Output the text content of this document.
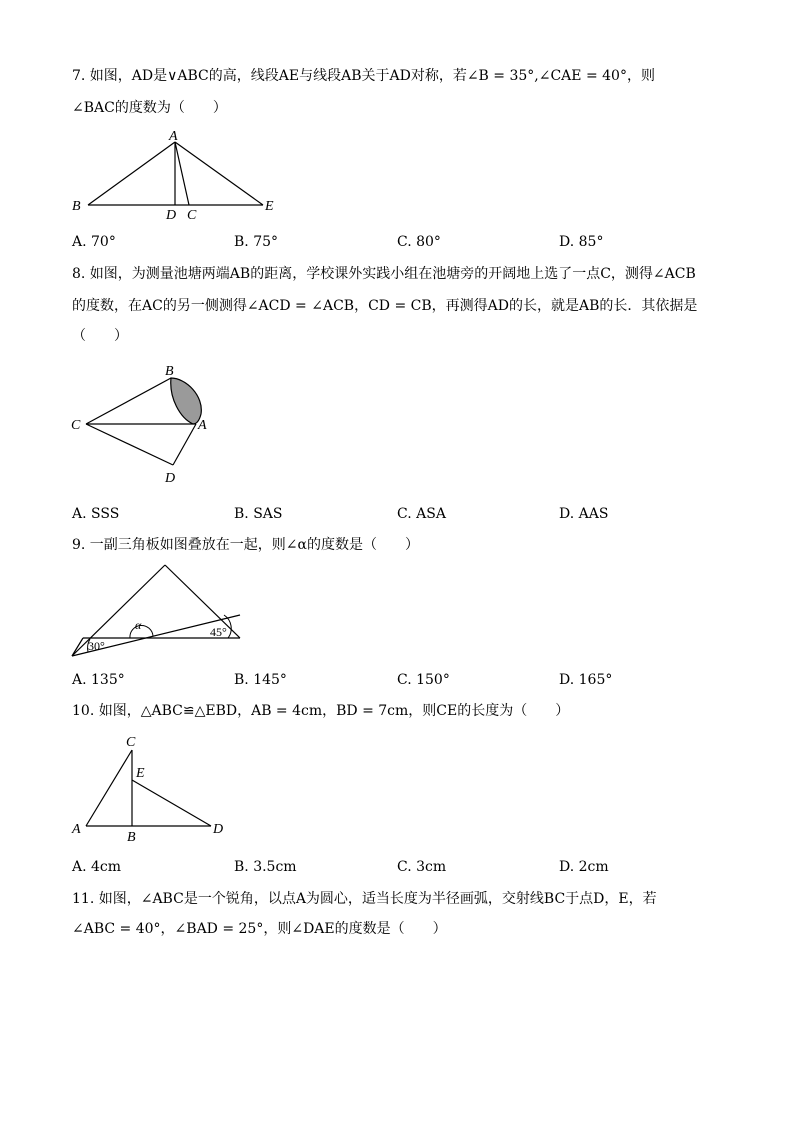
7. 如图，AD是∨ABC的高，线段AE与线段AB关于AD对称，若∠B = 35°,∠CAE = 40°，则
∠BAC的度数为（　　）
A
B
D C
E
A. 70°	B. 75°	C. 80°	D. 85°
8. 如图，为测量池塘两端AB的距离，学校课外实践小组在池塘旁的开阔地上选了一点C，测得∠ACB
的度数，在AC的另一侧测得∠ACD = ∠ACB，CD = CB，再测得AD的长，就是AB的长．其依据是
（　　）
B
C	A
D
A. SSS	B. SAS	C. ASA	D. AAS
9. 一副三角板如图叠放在一起，则∠α的度数是（　　）
α
30°
45°
A. 135°	B. 145°	C. 150°	D. 165°
10. 如图，△ABC≌△EBD，AB = 4cm，BD = 7cm，则CE的长度为（　　）
C
E
A
B
D
A. 4cm	B. 3.5cm	C. 3cm	D. 2cm
11. 如图，∠ABC是一个锐角，以点A为圆心，适当长度为半径画弧，交射线BC于点D，E，若
∠ABC = 40°，∠BAD = 25°，则∠DAE的度数是（　　）
